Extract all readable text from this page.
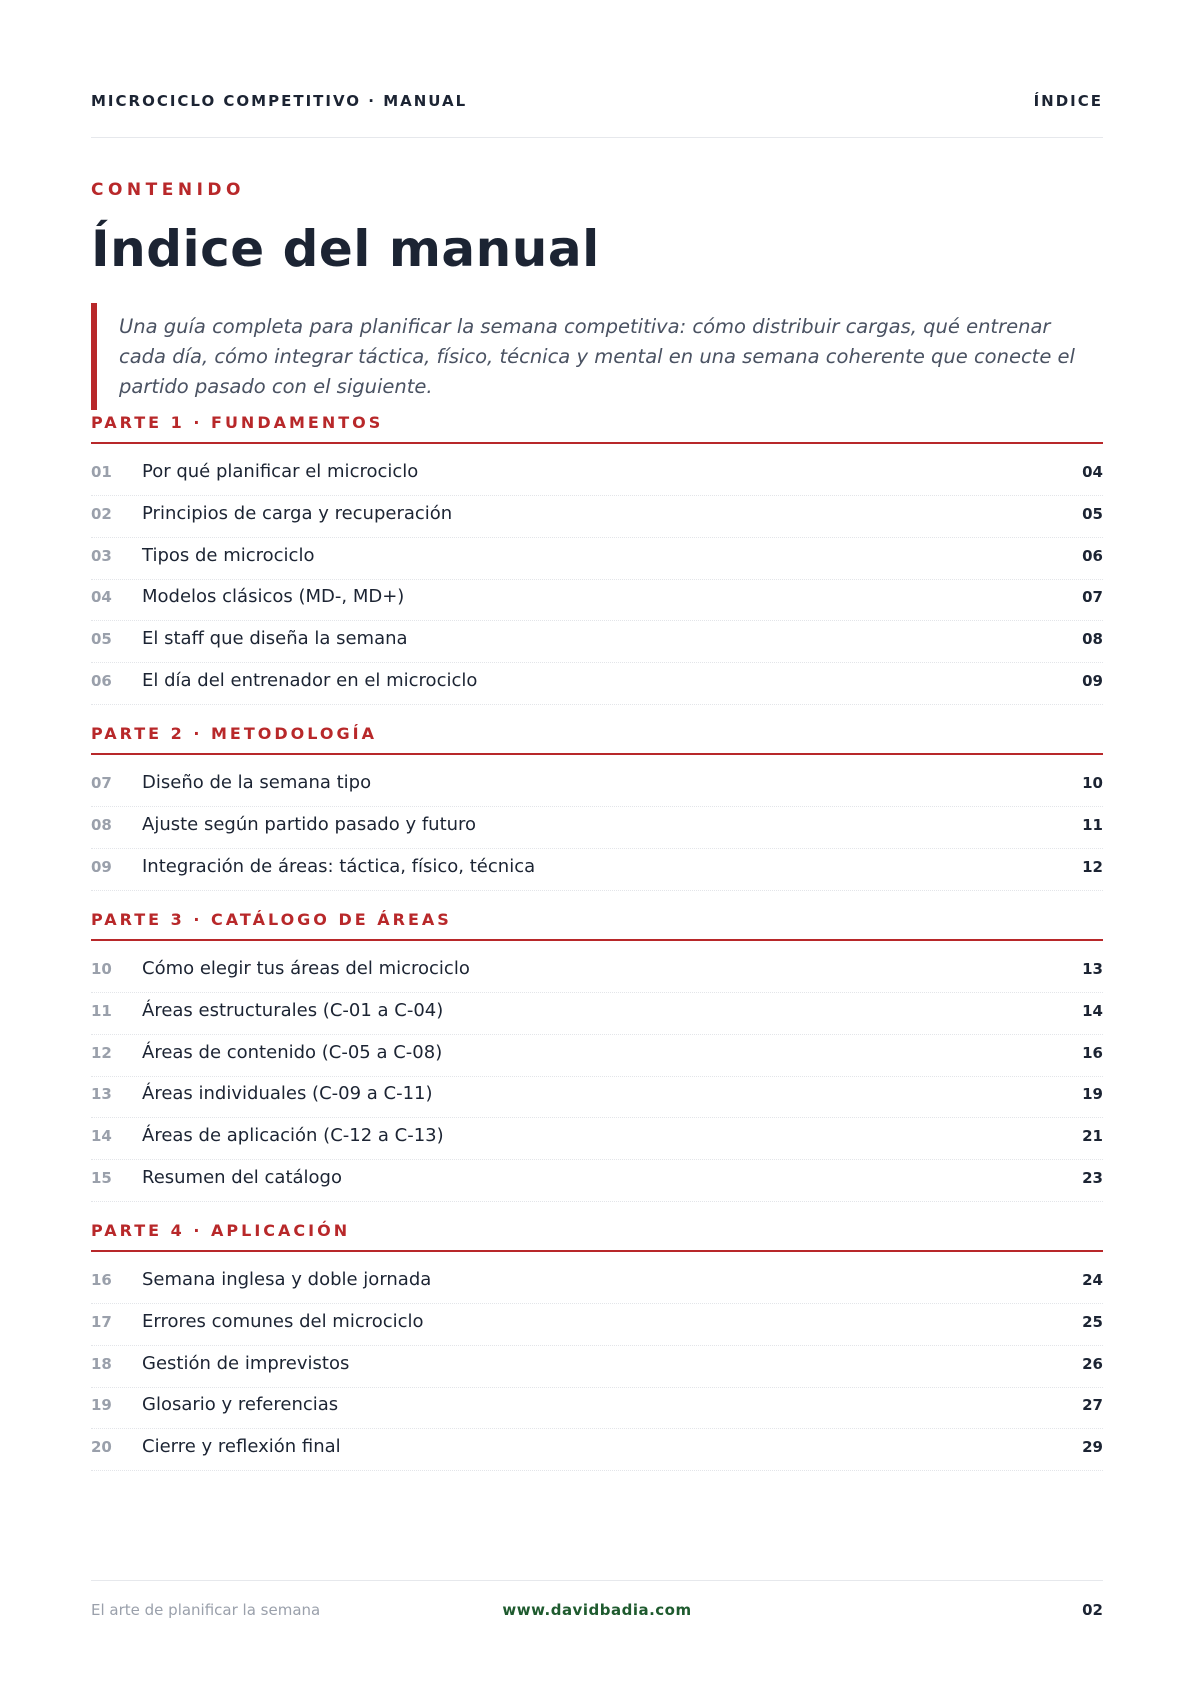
MICROCICLO COMPETITIVO · MANUAL	ÍNDICE
CONTENIDO
Índice del manual

Una guía completa para planificar la semana competitiva: cómo distribuir cargas, qué entrenar cada día, cómo integrar táctica, físico, técnica y mental en una semana coherente que conecte el partido pasado con el siguiente.

PARTE 1 · FUNDAMENTOS
01 Por qué planificar el microciclo	04
02 Principios de carga y recuperación	05
03 Tipos de microciclo	06
04 Modelos clásicos (MD-, MD+)	07
05 El staff que diseña la semana	08
06 El día del entrenador en el microciclo	09
PARTE 2 · METODOLOGÍA
07 Diseño de la semana tipo	10
08 Ajuste según partido pasado y futuro	11
09 Integración de áreas: táctica, físico, técnica	12
PARTE 3 · CATÁLOGO DE ÁREAS
10 Cómo elegir tus áreas del microciclo	13
11 Áreas estructurales (C-01 a C-04)	14
12 Áreas de contenido (C-05 a C-08)	16
13 Áreas individuales (C-09 a C-11)	19
14 Áreas de aplicación (C-12 a C-13)	21
15 Resumen del catálogo	23
PARTE 4 · APLICACIÓN
16 Semana inglesa y doble jornada	24
17 Errores comunes del microciclo	25
18 Gestión de imprevistos	26
19 Glosario y referencias	27
20 Cierre y reflexión final	29
El arte de planificar la semana	www.davidbadia.com	02
